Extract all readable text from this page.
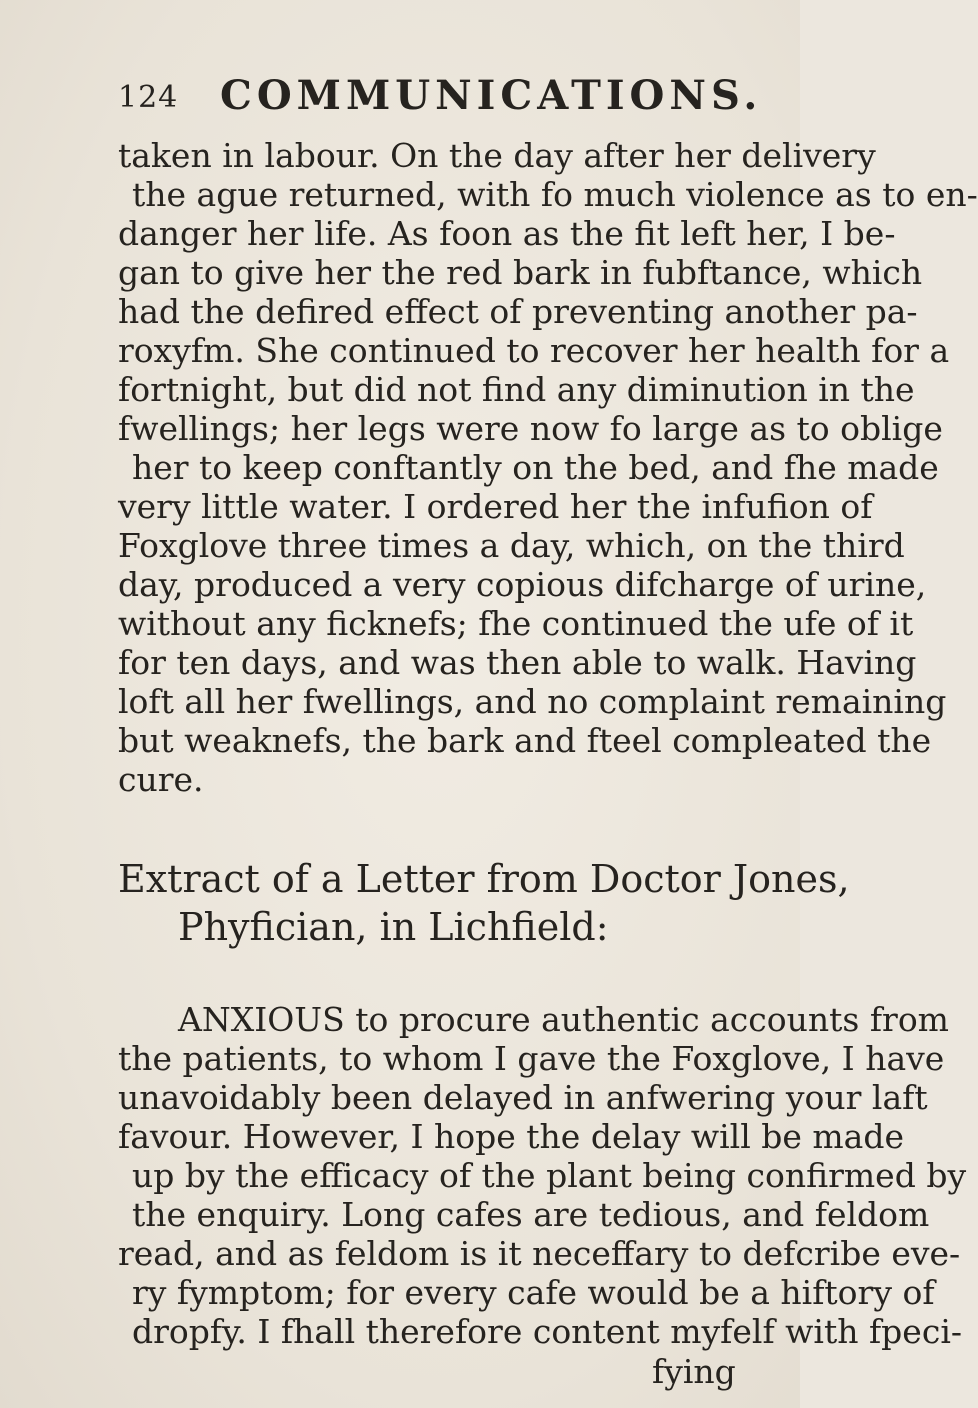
124 COMMUNICATIONS.
taken in labour. On the day after her delivery
the ague returned, with fo much violence as to en-
danger her life. As foon as the fit left her, I be-
gan to give her the red bark in fubftance, which
had the defired effect of preventing another pa-
roxyfm. She continued to recover her health for a
fortnight, but did not find any diminution in the
fwellings; her legs were now fo large as to oblige
her to keep conftantly on the bed, and fhe made
very little water. I ordered her the infufion of
Foxglove three times a day, which, on the third
day, produced a very copious difcharge of urine,
without any ficknefs; fhe continued the ufe of it
for ten days, and was then able to walk. Having
loft all her fwellings, and no complaint remaining
but weaknefs, the bark and fteel compleated the
cure.
Extract of a Letter from Doctor Jones,
Phyfician, in Lichfield:
ANXIOUS to procure authentic accounts from
the patients, to whom I gave the Foxglove, I have
unavoidably been delayed in anfwering your laft
favour. However, I hope the delay will be made
up by the efficacy of the plant being confirmed by
the enquiry. Long cafes are tedious, and feldom
read, and as feldom is it neceffary to defcribe eve-
ry fymptom; for every cafe would be a hiftory of
dropfy. I fhall therefore content myfelf with fpeci-
fying
